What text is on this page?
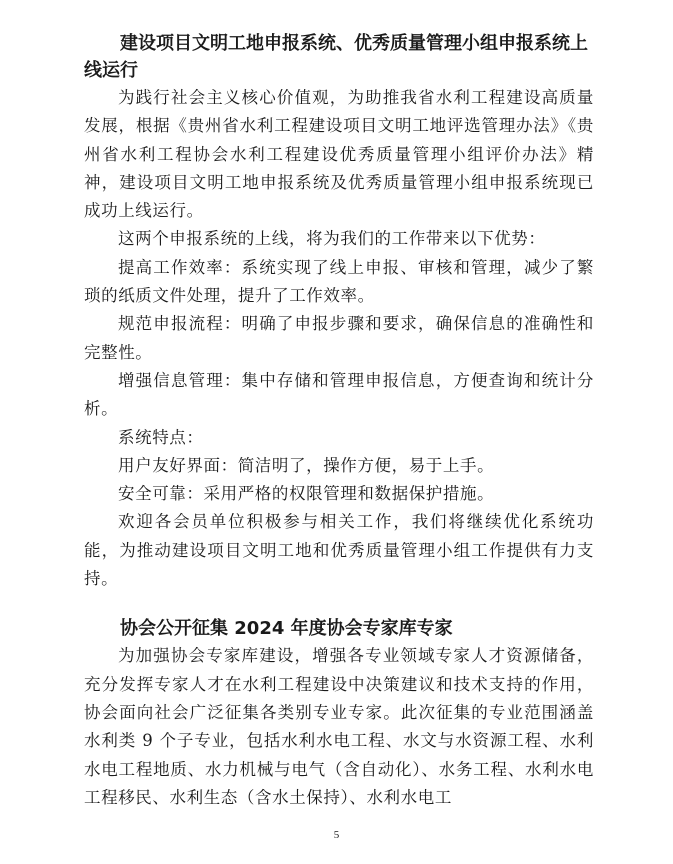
建设项目文明工地申报系统、优秀质量管理小组申报系统上线运行

为践行社会主义核心价值观，为助推我省水利工程建设高质量发展，根据《贵州省水利工程建设项目文明工地评选管理办法》《贵州省水利工程协会水利工程建设优秀质量管理小组评价办法》精神，建设项目文明工地申报系统及优秀质量管理小组申报系统现已成功上线运行。

这两个申报系统的上线，将为我们的工作带来以下优势：

提高工作效率：系统实现了线上申报、审核和管理，减少了繁琐的纸质文件处理，提升了工作效率。

规范申报流程：明确了申报步骤和要求，确保信息的准确性和完整性。

增强信息管理：集中存储和管理申报信息，方便查询和统计分析。

系统特点：

用户友好界面：简洁明了，操作方便，易于上手。

安全可靠：采用严格的权限管理和数据保护措施。

欢迎各会员单位积极参与相关工作，我们将继续优化系统功能，为推动建设项目文明工地和优秀质量管理小组工作提供有力支持。

协会公开征集 2024 年度协会专家库专家

为加强协会专家库建设，增强各专业领域专家人才资源储备，充分发挥专家人才在水利工程建设中决策建议和技术支持的作用，协会面向社会广泛征集各类别专业专家。此次征集的专业范围涵盖水利类 9 个子专业，包括水利水电工程、水文与水资源工程、水利水电工程地质、水力机械与电气（含自动化）、水务工程、水利水电工程移民、水利生态（含水土保持）、水利水电工

5
